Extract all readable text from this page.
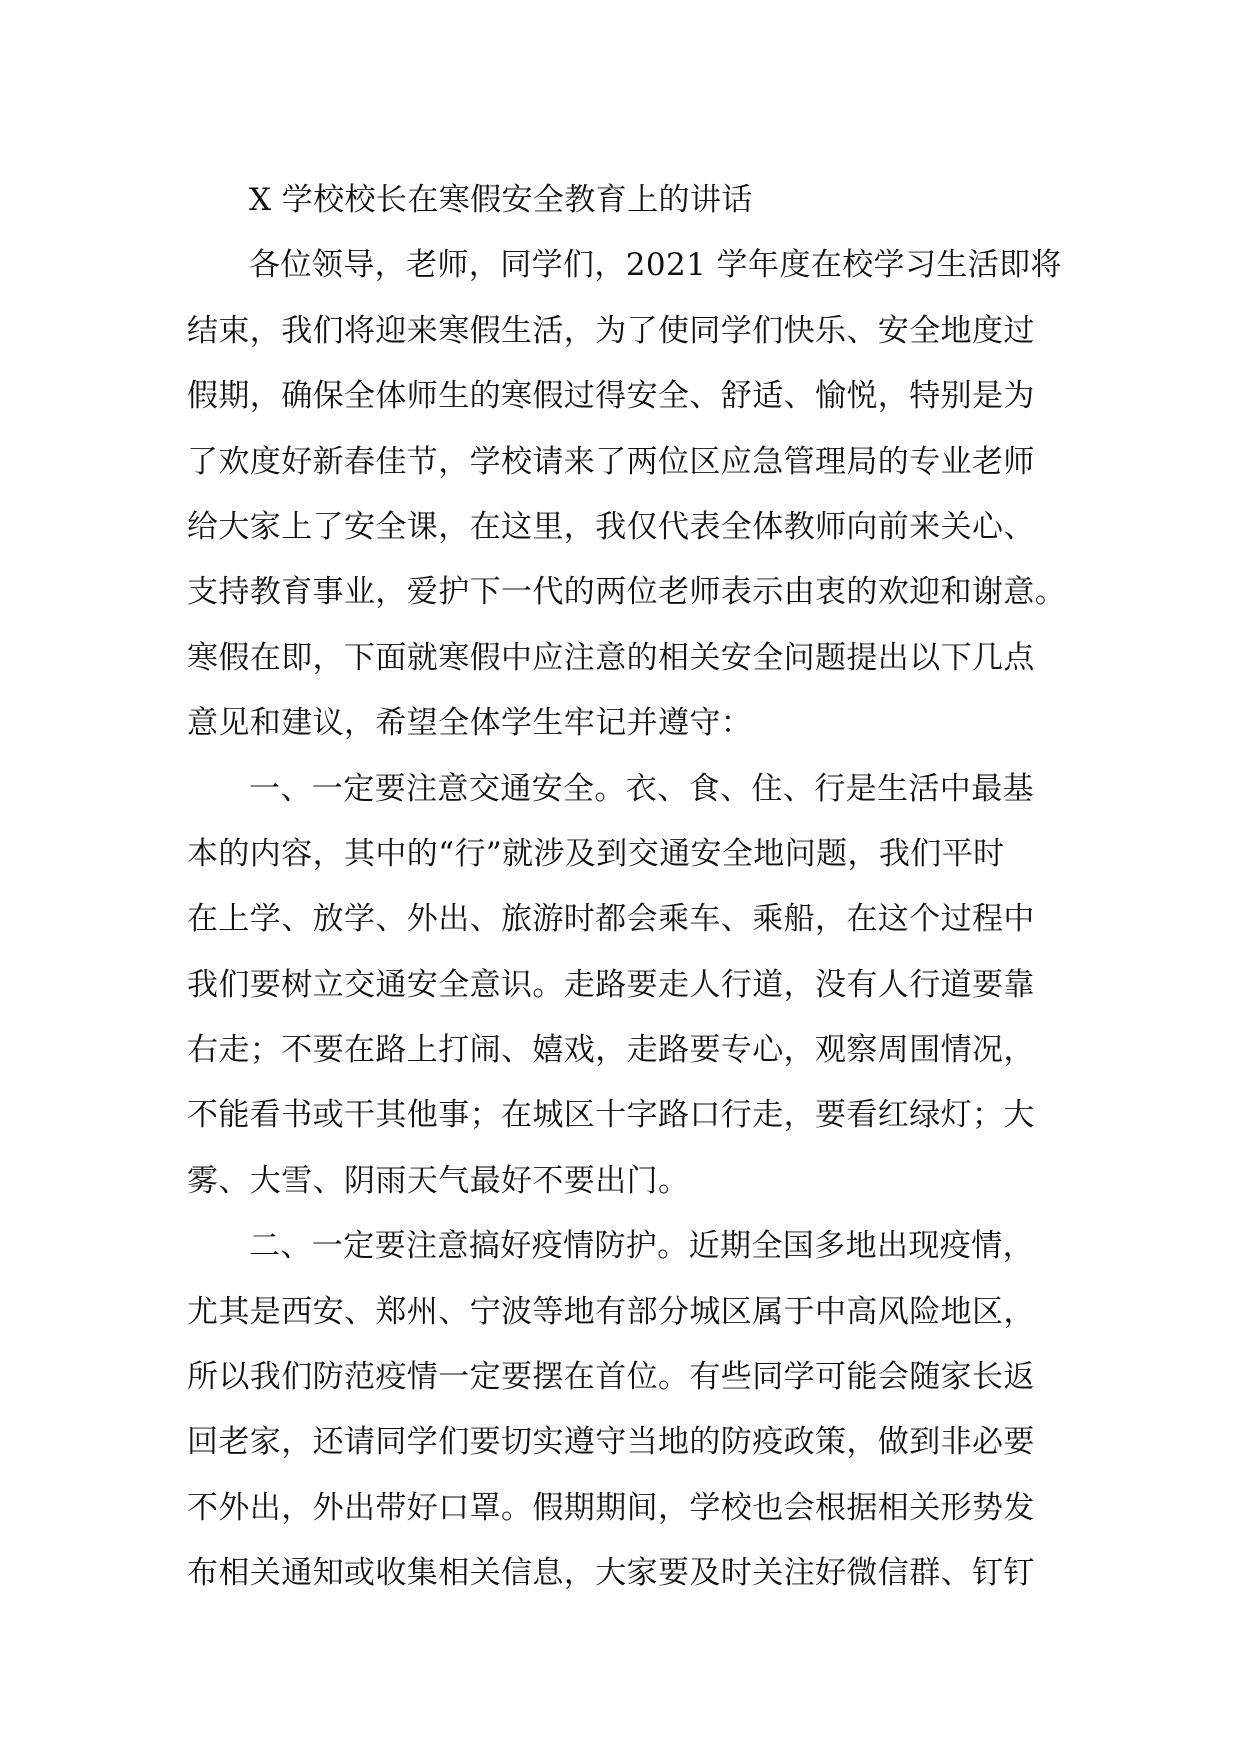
X 学校校长在寒假安全教育上的讲话
各位领导，老师，同学们，2021 学年度在校学习生活即将
结束，我们将迎来寒假生活，为了使同学们快乐、安全地度过
假期，确保全体师生的寒假过得安全、舒适、愉悦，特别是为
了欢度好新春佳节，学校请来了两位区应急管理局的专业老师
给大家上了安全课，在这里，我仅代表全体教师向前来关心、
支持教育事业，爱护下一代的两位老师表示由衷的欢迎和谢意。
寒假在即，下面就寒假中应注意的相关安全问题提出以下几点
意见和建议，希望全体学生牢记并遵守：
一、一定要注意交通安全。衣、食、住、行是生活中最基
本的内容，其中的“行”就涉及到交通安全地问题，我们平时
在上学、放学、外出、旅游时都会乘车、乘船，在这个过程中
我们要树立交通安全意识。走路要走人行道，没有人行道要靠
右走；不要在路上打闹、嬉戏，走路要专心，观察周围情况，
不能看书或干其他事；在城区十字路口行走，要看红绿灯；大
雾、大雪、阴雨天气最好不要出门。
二、一定要注意搞好疫情防护。近期全国多地出现疫情，
尤其是西安、郑州、宁波等地有部分城区属于中高风险地区，
所以我们防范疫情一定要摆在首位。有些同学可能会随家长返
回老家，还请同学们要切实遵守当地的防疫政策，做到非必要
不外出，外出带好口罩。假期期间，学校也会根据相关形势发
布相关通知或收集相关信息，大家要及时关注好微信群、钉钉
